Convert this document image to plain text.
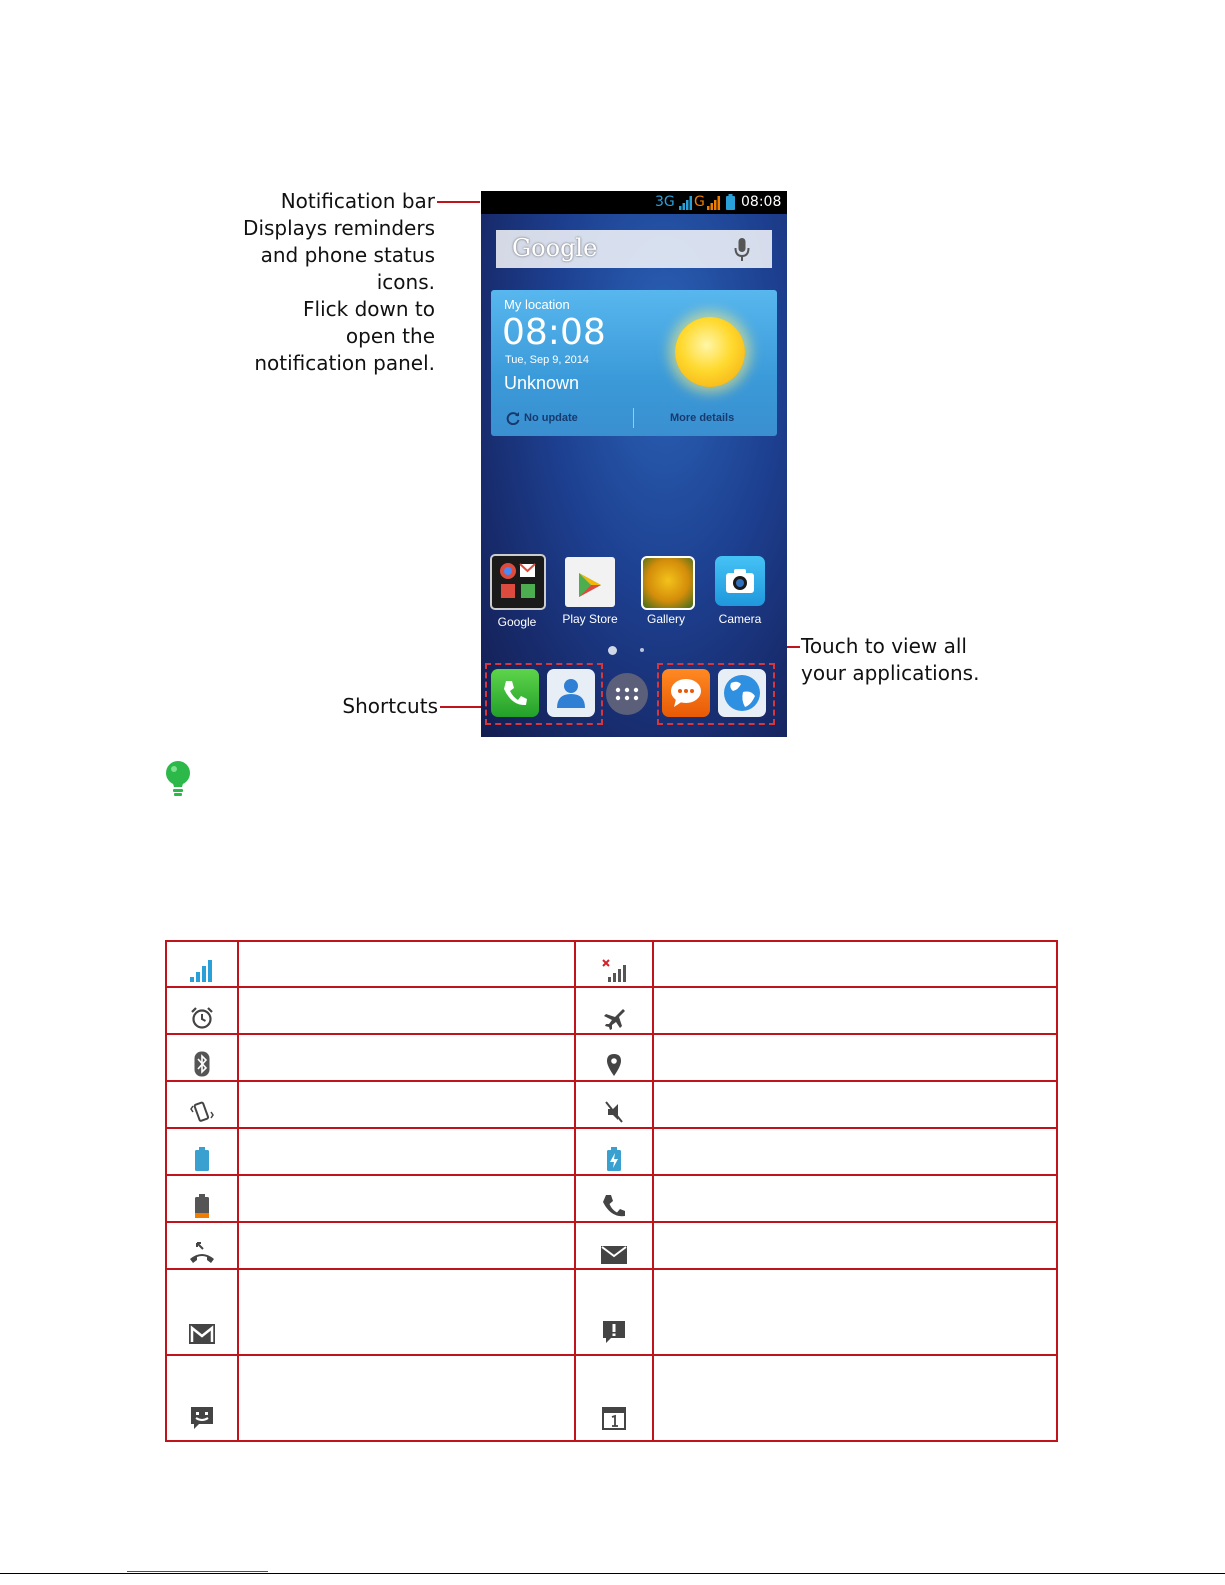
Notification bar
Displays reminders
and phone status
icons.
Flick down to
open the
notification panel.
Touch to view all
your applications.
Shortcuts
3G G	08:08
Google
My location
08:08
Tue, Sep 9, 2014
Unknown
No update	More details
Google	Play Store	Gallery	Camera
